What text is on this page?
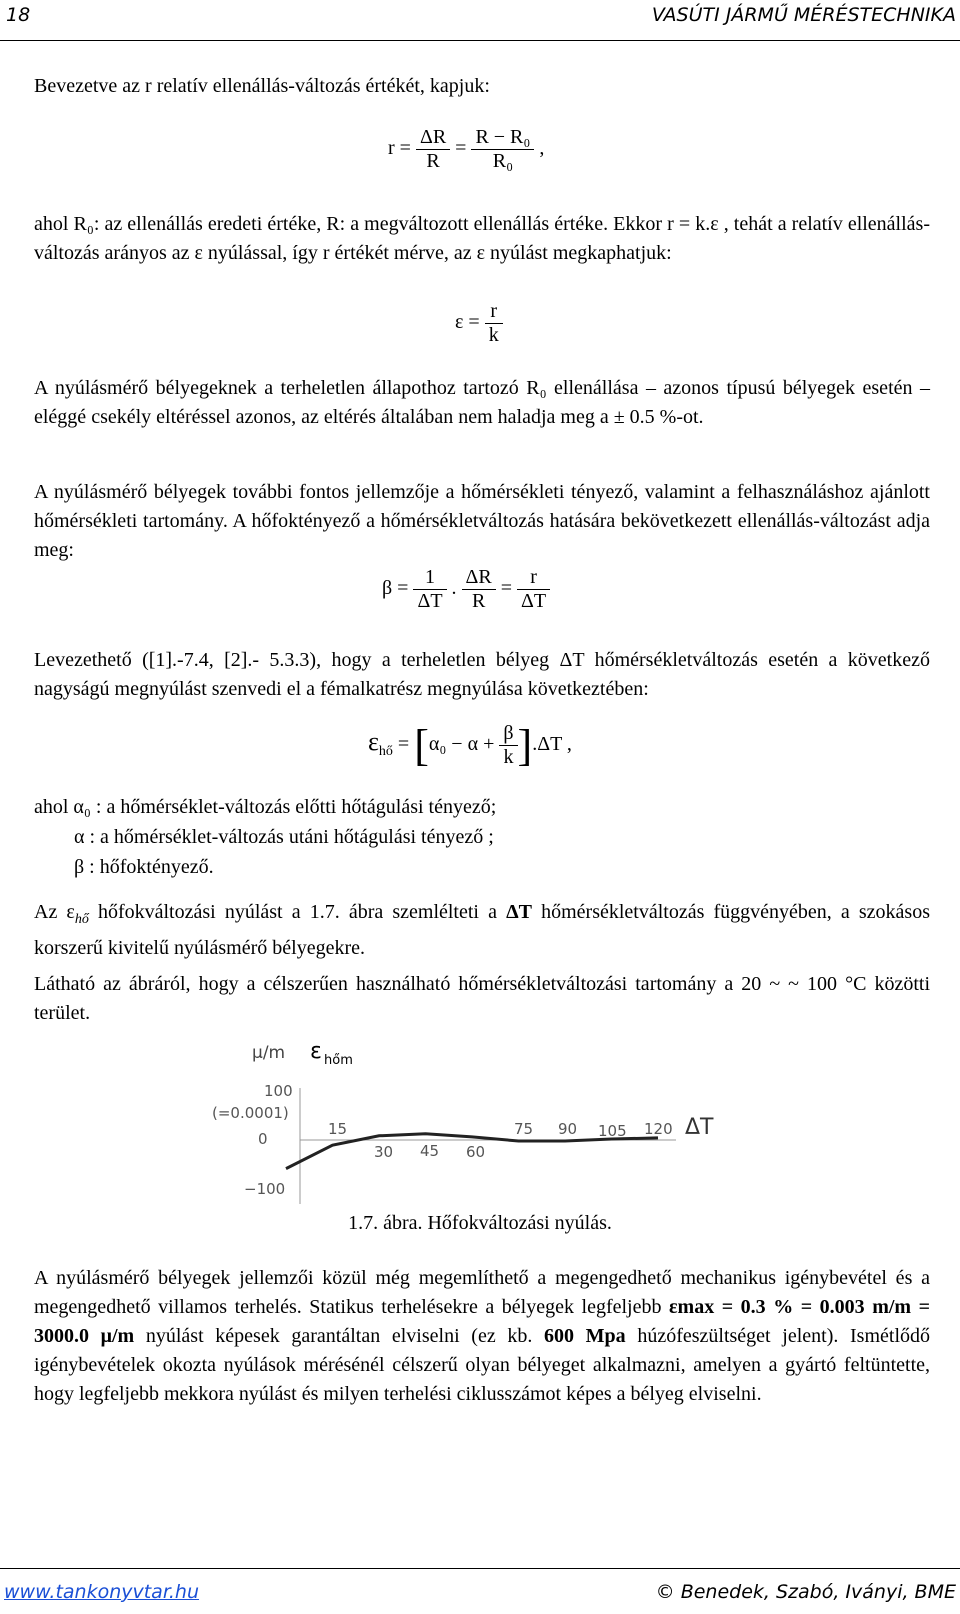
18	VASÚTI JÁRMŰ MÉRÉSTECHNIKA
Bevezetve az r relatív ellenállás-változás értékét, kapjuk:
$r = \frac{\Delta R}{R} = \frac{\text{R − R₀}}{\text{R₀}}$ ,
ahol R₀: az ellenállás eredeti értéke, R: a megváltozott ellenállás értéke. Ekkor r = k.ε , tehát a relatív ellenállás-változás arányos az ε nyúlással, így r értékét mérve, az ε nyúlást megkaphatjuk:
$\varepsilon = \frac{r}{k}$
A nyúlásmérő bélyegeknek a terheletlen állapothoz tartozó R₀ ellenállása – azonos típusú bélyegek esetén – eléggé csekély eltéréssel azonos, az eltérés általában nem haladja meg a ± 0.5 %-ot.
A nyúlásmérő bélyegek további fontos jellemzője a hőmérsékleti tényező, valamint a felhasználáshoz ajánlott hőmérsékleti tartomány. A hőfoktényező a hőmérsékletváltozás hatására bekövetkezett ellenállás-változást adja meg:
$\beta = \frac{1}{\Delta T}$ . $\frac{\Delta R}{R} = \frac{r}{\Delta T}$
Levezethető ([1].-7.4, [2].- 5.3.3), hogy a terheletlen bélyeg ΔT hőmérsékletváltozás esetén a következő nagyságú megnyúlást szenvedi el a fémalkatrész megnyúlása következtében:
$\varepsilon_{hő} = [\alpha_0 - \alpha + \frac{\beta}{k} ].\Delta T$ ,
ahol α₀ : a hőmérséklet-változás előtti hőtágulási tényező;
α : a hőmérséklet-változás utáni hőtágulási tényező ;
β : hőfoktényező.
Az $\varepsilon_{hő}$ hőfokváltozási nyúlást a 1.7. ábra szemlélteti a ΔT hőmérsékletváltozás függvényében, a szokásos korszerű kivitelű nyúlásmérő bélyegekre.
Látható az ábráról, hogy a célszerűen használható hőmérsékletváltozási tartomány a 20 ~ ~ 100 °C közötti terület.
μ/m ε hőm
100
(=0.0001)
0
−100
ΔT
15	75 90 105 120
30 45 60
1.7. ábra. Hőfokváltozási nyúlás.
A nyúlásmérő bélyegek jellemzői közül még megemlíthető a megengedhető mechanikus igénybevétel és a megengedhető villamos terhelés. Statikus terhelésekre a bélyegek legfeljebb εmax = 0.3 % = 0.003 m/m = 3000.0 μ/m nyúlást képesek garantáltan elviselni (ez kb. 600 Mpa húzófeszültséget jelent). Ismétlődő igénybevételek okozta nyúlások mérésénél célszerű olyan bélyeget alkalmazni, amelyen a gyártó feltüntette, hogy legfeljebb mekkora nyúlást és milyen terhelési ciklusszámot képes a bélyeg elviselni.
www.tankonyvtar.hu	© Benedek, Szabó, Iványi, BME
